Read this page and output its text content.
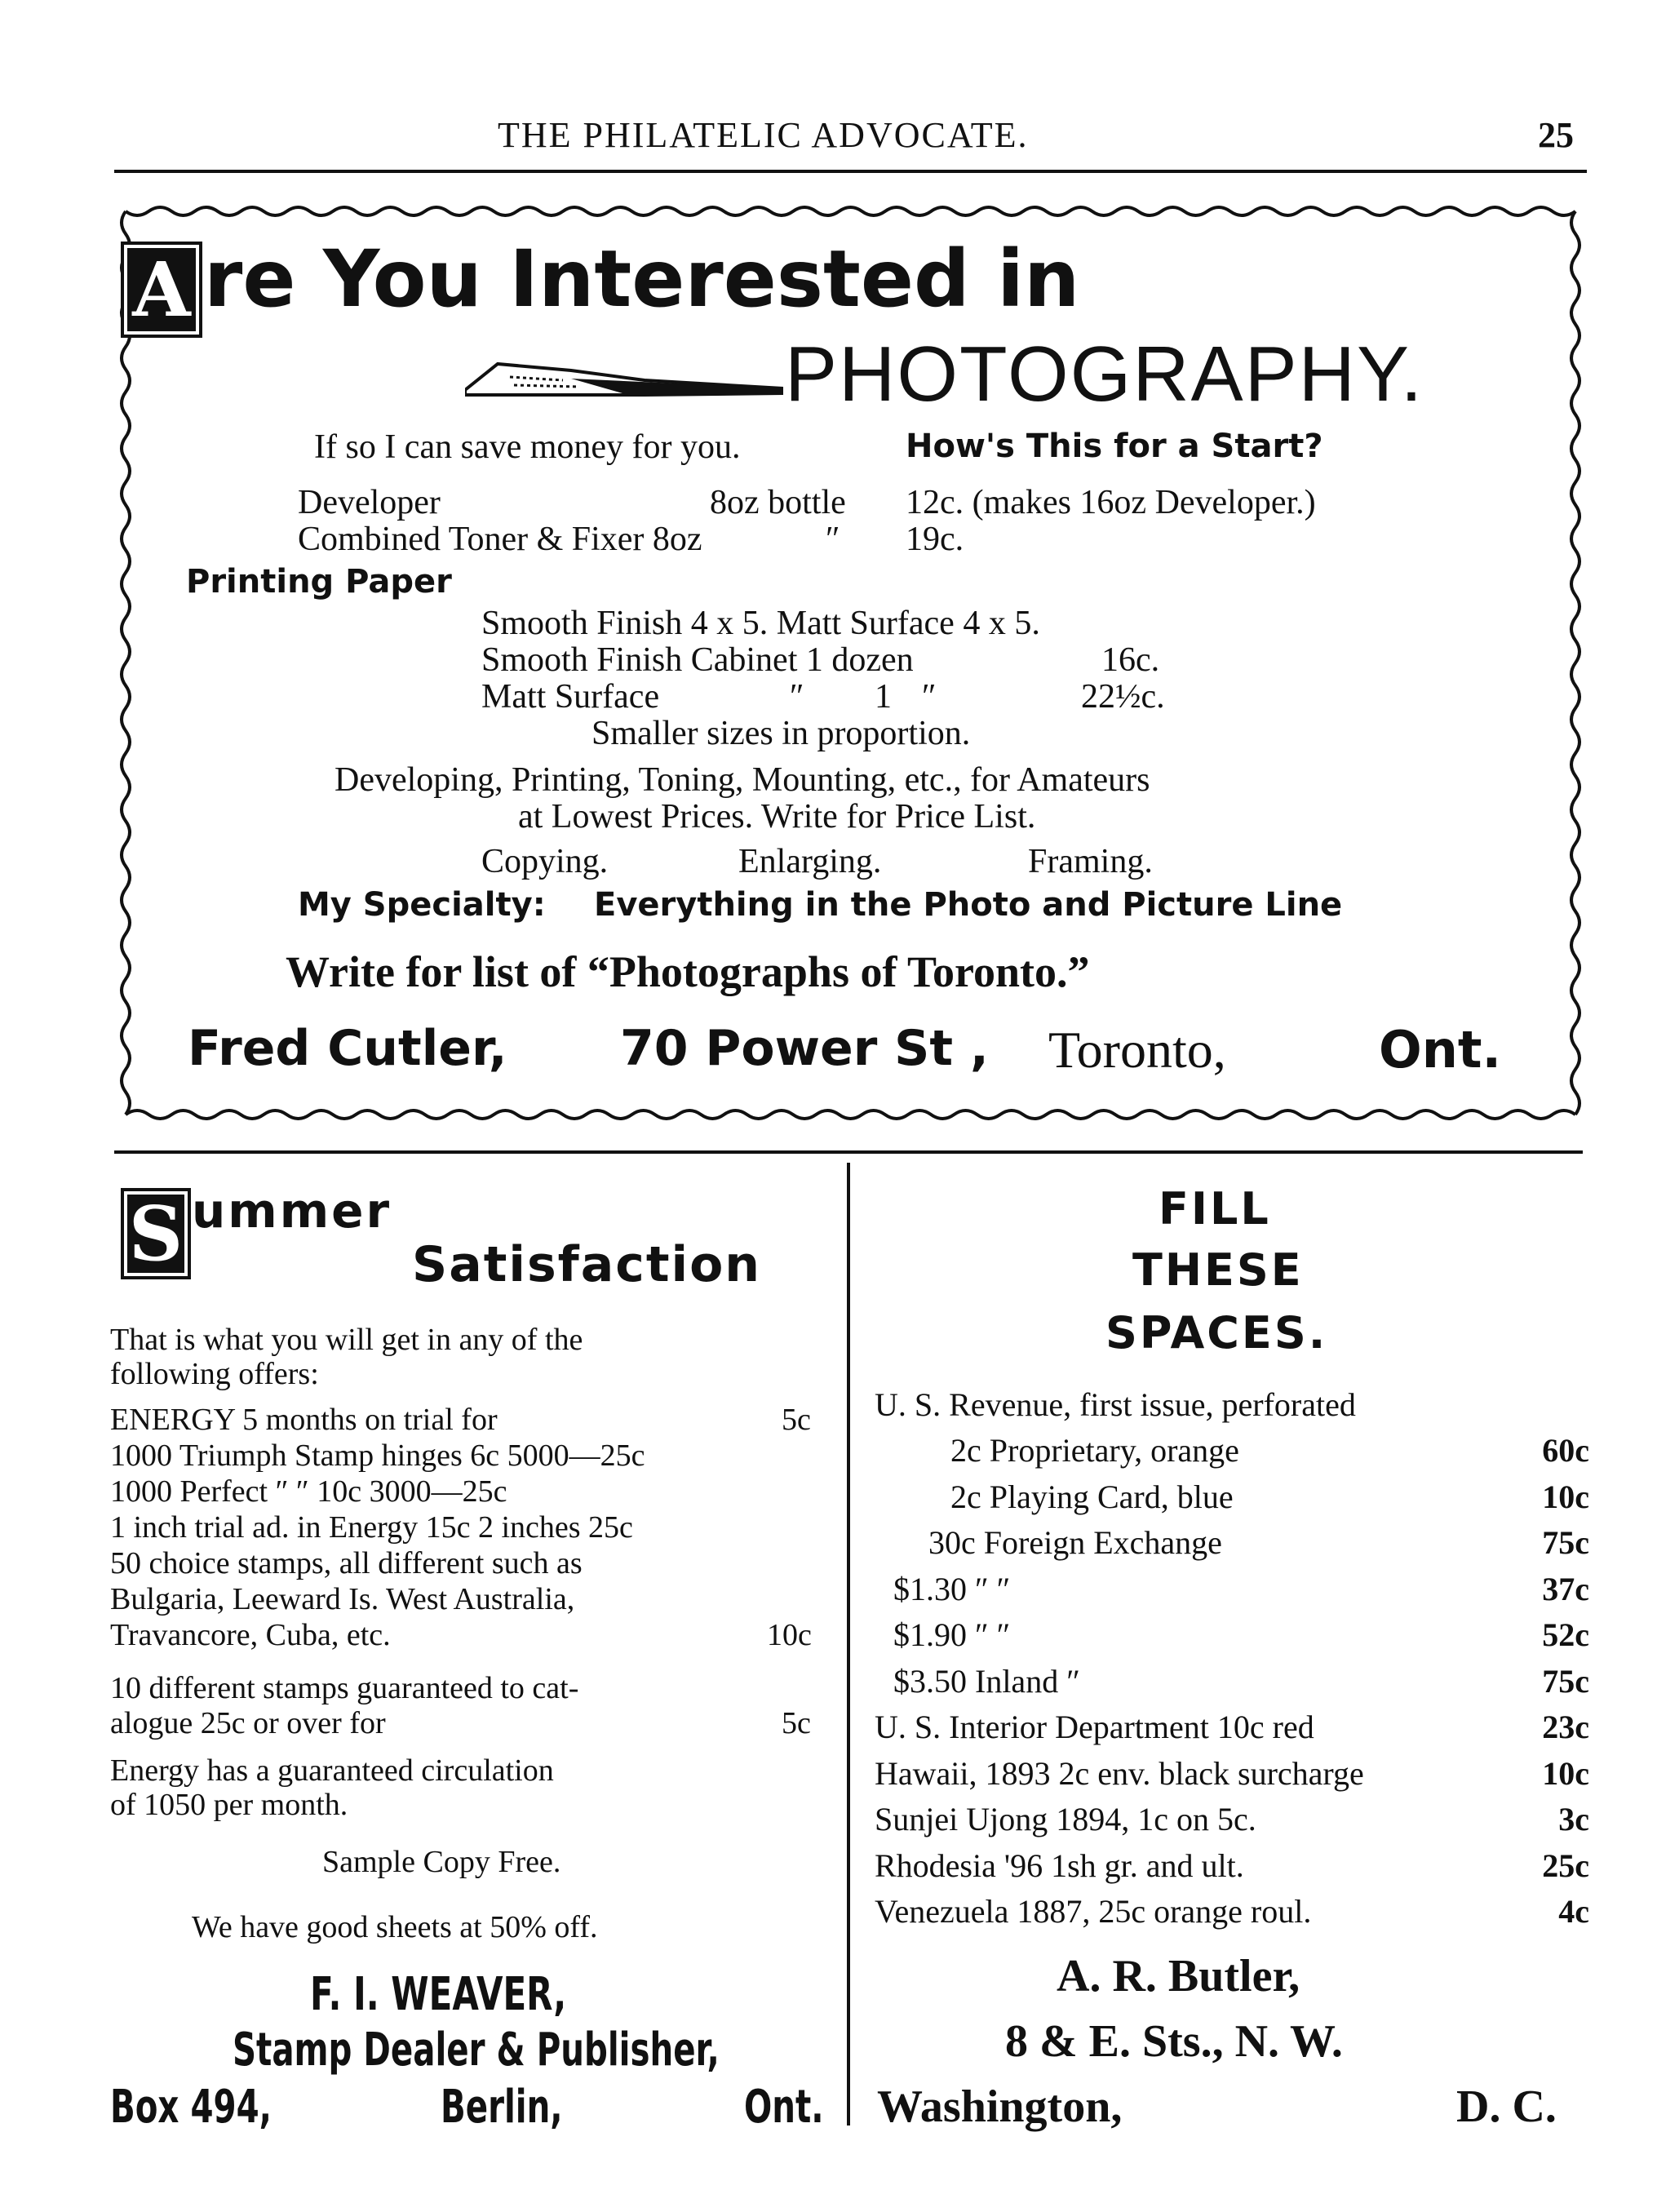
THE PHILATELIC ADVOCATE.	25
A re You Interested in
PHOTOGRAPHY.
If so I can save money for you.	How's This for a Start?
Developer	8oz bottle 12c. (makes 16oz Developer.)
Combined Toner & Fixer 8oz	″ 19c.
Printing Paper
Smooth Finish 4 x 5. Matt Surface 4 x 5.
Smooth Finish Cabinet 1 dozen	16c.
Matt Surface	″ 1 ″	22½c.
Smaller sizes in proportion.
Developing, Printing, Toning, Mounting, etc., for Amateurs
at Lowest Prices. Write for Price List.
Copying.	Enlarging.	Framing.
My Specialty: Everything in the Photo and Picture Line
Write for list of “Photographs of Toronto.”
Fred Cutler, 70 Power St , Toronto,	Ont.
S ummer
Satisfaction
That is what you will get in any of the
following offers:
ENERGY 5 months on trial for	5c
1000 Triumph Stamp hinges 6c 5000—25c
1000 Perfect ″ ″ 10c 3000—25c
1 inch trial ad. in Energy 15c 2 inches 25c
50 choice stamps, all different such as
Bulgaria, Leeward Is. West Australia,
Travancore, Cuba, etc.	10c
10 different stamps guaranteed to cat-
alogue 25c or over for	5c
Energy has a guaranteed circulation
of 1050 per month.
Sample Copy Free.
We have good sheets at 50% off.
F. I. WEAVER,
Stamp Dealer & Publisher,
Box 494,	Berlin,	Ont.
FILL
THESE
SPACES.
U. S. Revenue, first issue, perforated
2c Proprietary, orange	60c
2c Playing Card, blue	10c
30c Foreign Exchange	75c
$1.30 ″ ″	37c
$1.90 ″ ″	52c
$3.50 Inland ″	75c
U. S. Interior Department 10c red	23c
Hawaii, 1893 2c env. black surcharge	10c
Sunjei Ujong 1894, 1c on 5c.	3c
Rhodesia '96 1sh gr. and ult.	25c
Venezuela 1887, 25c orange roul.	4c
A. R. Butler,
8 & E. Sts., N. W.
Washington,	D. C.
